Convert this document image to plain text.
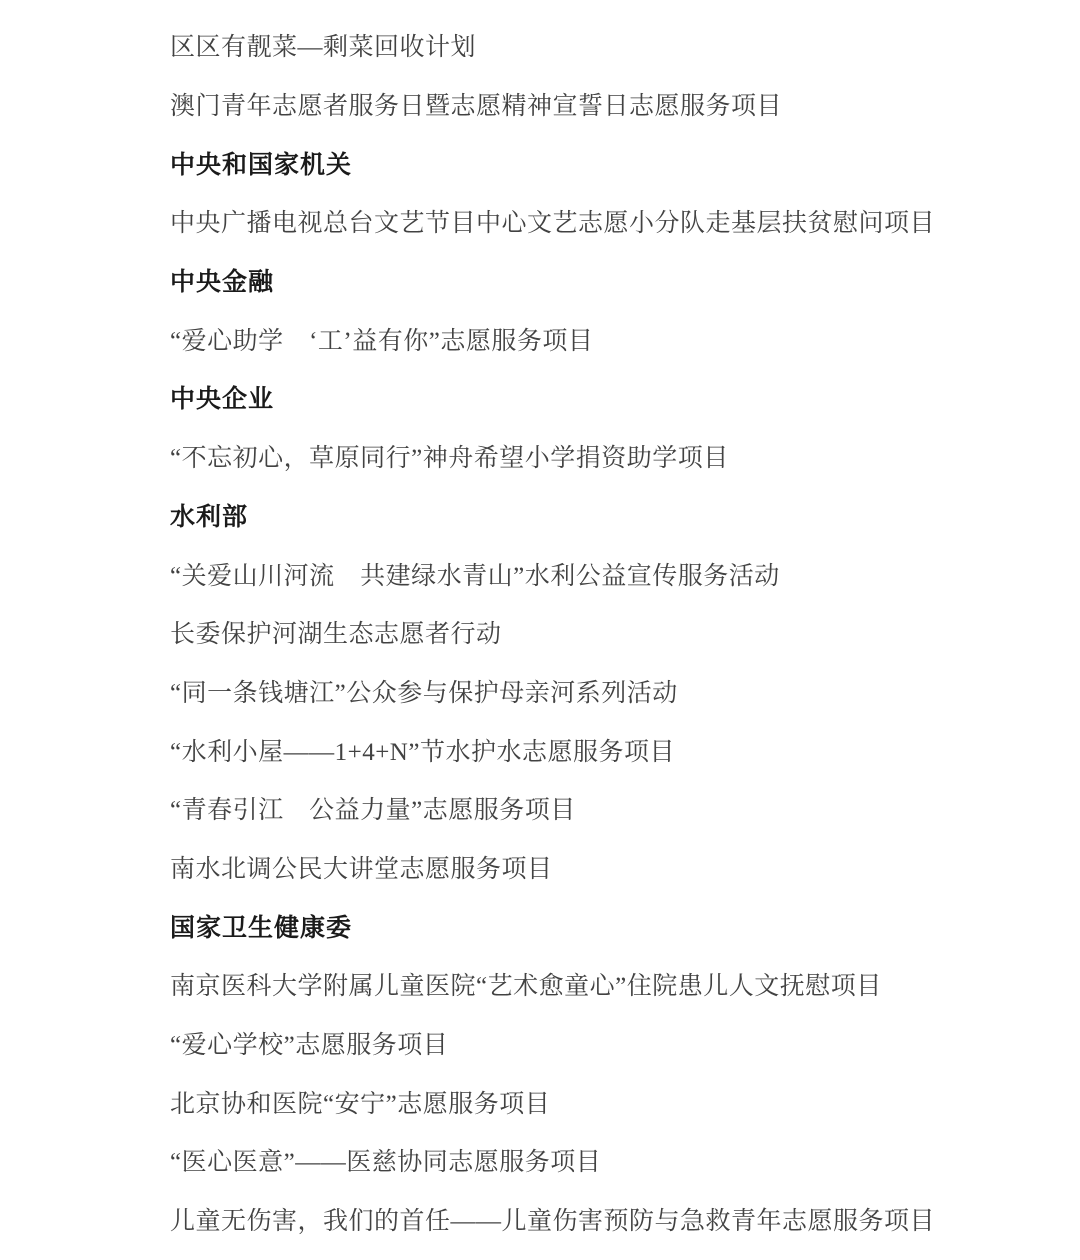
区区有靓菜—剩菜回收计划
澳门青年志愿者服务日暨志愿精神宣誓日志愿服务项目
中央和国家机关
中央广播电视总台文艺节目中心文艺志愿小分队走基层扶贫慰问项目
中央金融
“爱心助学　‘工’益有你”志愿服务项目
中央企业
“不忘初心，草原同行”神舟希望小学捐资助学项目
水利部
“关爱山川河流　共建绿水青山”水利公益宣传服务活动
长委保护河湖生态志愿者行动
“同一条钱塘江”公众参与保护母亲河系列活动
“水利小屋——1+4+N”节水护水志愿服务项目
“青春引江　公益力量”志愿服务项目
南水北调公民大讲堂志愿服务项目
国家卫生健康委
南京医科大学附属儿童医院“艺术愈童心”住院患儿人文抚慰项目
“爱心学校”志愿服务项目
北京协和医院“安宁”志愿服务项目
“医心医意”——医慈协同志愿服务项目
儿童无伤害，我们的首任——儿童伤害预防与急救青年志愿服务项目
